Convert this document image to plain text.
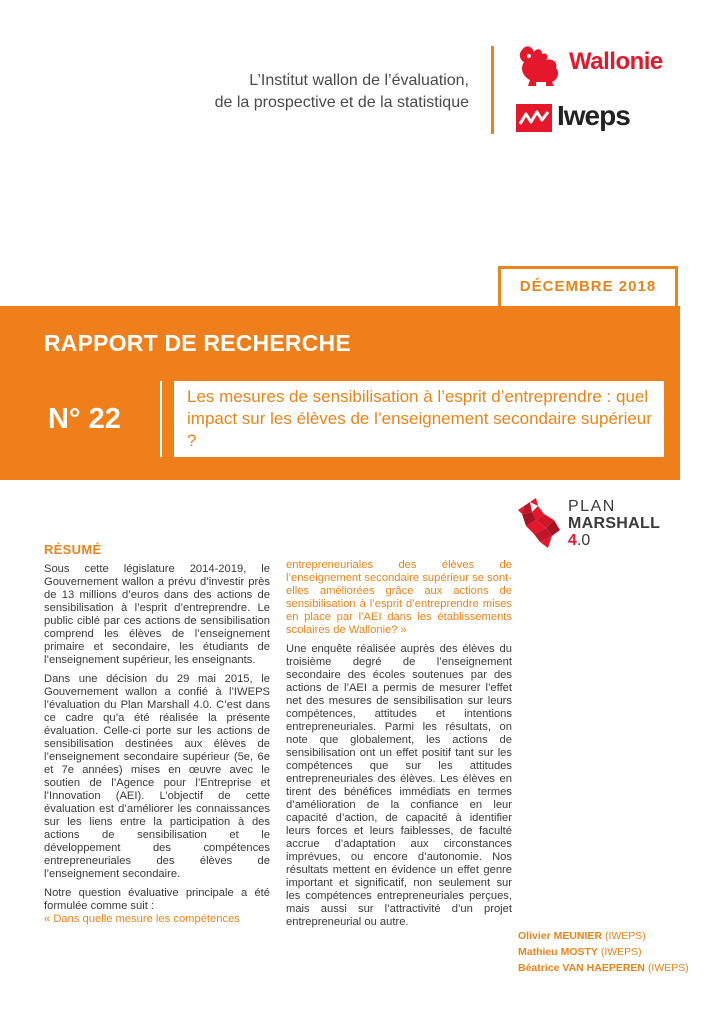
L’Institut wallon de l’évaluation,
de la prospective et de la statistique
Wallonie
Iweps
DÉCEMBRE 2018
RAPPORT DE RECHERCHE
N° 22
Les mesures de sensibilisation à l’esprit d’entreprendre : quel impact sur les élèves de l’enseignement secondaire supérieur ?
PLAN
MARSHALL
4.0
RÉSUMÉ

Sous cette législature 2014-2019, le Gouvernement wallon a prévu d’investir près de 13 millions d’euros dans des actions de sensibilisation à l’esprit d’entreprendre. Le public ciblé par ces actions de sensibilisation comprend les élèves de l’enseignement primaire et secondaire, les étudiants de l’enseignement supérieur, les enseignants.

Dans une décision du 29 mai 2015, le Gouvernement wallon a confié à l’IWEPS l’évaluation du Plan Marshall 4.0. C’est dans ce cadre qu’a été réalisée la présente évaluation. Celle-ci porte sur les actions de sensibilisation destinées aux élèves de l’enseignement secondaire supérieur (5e, 6e et 7e années) mises en œuvre avec le soutien de l’Agence pour l’Entreprise et l’Innovation (AEI). L’objectif de cette évaluation est d’améliorer les connaissances sur les liens entre la participation à des actions de sensibilisation et le développement des compétences entrepreneuriales des élèves de l’enseignement secondaire.

Notre question évaluative principale a été formulée comme suit :
« Dans quelle mesure les compétences

entrepreneuriales des élèves de l’enseignement secondaire supérieur se sont-elles améliorées grâce aux actions de sensibilisation à l’esprit d’entreprendre mises en place par l’AEI dans les établissements scolaires de Wallonie? »

Une enquête réalisée auprès des élèves du troisième degré de l’enseignement secondaire des écoles soutenues par des actions de l’AEI a permis de mesurer l’effet net des mesures de sensibilisation sur leurs compétences, attitudes et intentions entrepreneuriales. Parmi les résultats, on note que globalement, les actions de sensibilisation ont un effet positif tant sur les compétences que sur les attitudes entrepreneuriales des élèves. Les élèves en tirent des bénéfices immédiats en termes d’amélioration de la confiance en leur capacité d’action, de capacité à identifier leurs forces et leurs faiblesses, de faculté accrue d’adaptation aux circonstances imprévues, ou encore d’autonomie. Nos résultats mettent en évidence un effet genre important et significatif, non seulement sur les compétences entrepreneuriales perçues, mais aussi sur l’attractivité d’un projet entrepreneurial ou autre.

Olivier MEUNIER (IWEPS)
Mathieu MOSTY (IWEPS)
Béatrice VAN HAEPEREN (IWEPS)
